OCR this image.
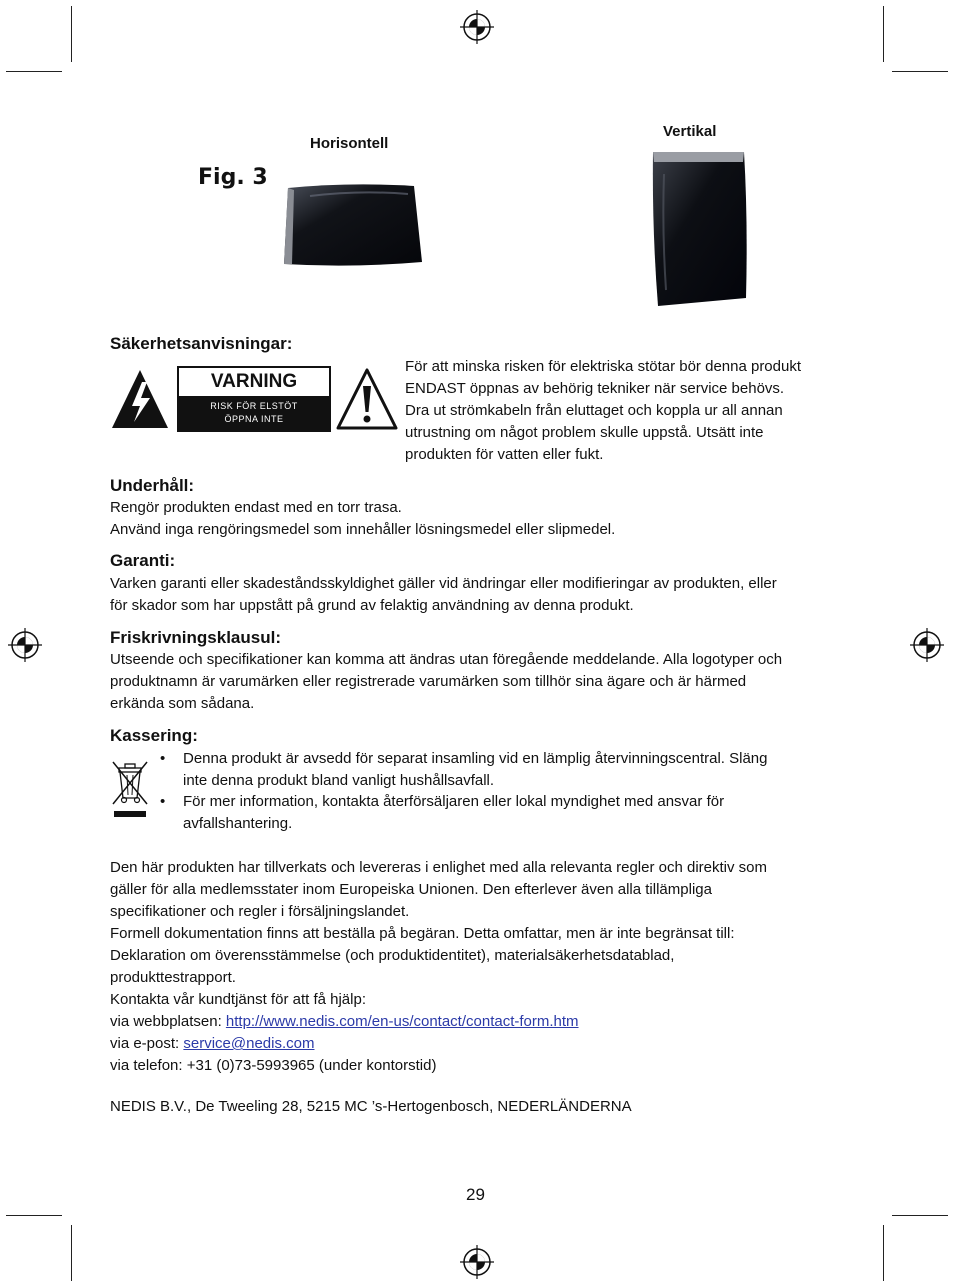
Horisontell
Vertikal
Fig. 3
Säkerhetsanvisningar:
VARNING
RISK FÖR ELSTÖT
ÖPPNA INTE
För att minska risken för elektriska stötar bör denna produkt
ENDAST öppnas av behörig tekniker när service behövs.
Dra ut strömkabeln från eluttaget och koppla ur all annan
utrustning om något problem skulle uppstå. Utsätt inte
produkten för vatten eller fukt.
Underhåll:
Rengör produkten endast med en torr trasa.
Använd inga rengöringsmedel som innehåller lösningsmedel eller slipmedel.
Garanti:
Varken garanti eller skadeståndsskyldighet gäller vid ändringar eller modifieringar av produkten, eller
för skador som har uppstått på grund av felaktig användning av denna produkt.
Friskrivningsklausul:
Utseende och specifikationer kan komma att ändras utan föregående meddelande. Alla logotyper och
produktnamn är varumärken eller registrerade varumärken som tillhör sina ägare och är härmed
erkända som sådana.
Kassering:
• Denna produkt är avsedd för separat insamling vid en lämplig återvinningscentral. Släng
inte denna produkt bland vanligt hushållsavfall.
• För mer information, kontakta återförsäljaren eller lokal myndighet med ansvar för
avfallshantering.
Den här produkten har tillverkats och levereras i enlighet med alla relevanta regler och direktiv som
gäller för alla medlemsstater inom Europeiska Unionen. Den efterlever även alla tillämpliga
specifikationer och regler i försäljningslandet.
Formell dokumentation finns att beställa på begäran. Detta omfattar, men är inte begränsat till:
Deklaration om överensstämmelse (och produktidentitet), materialsäkerhetsdatablad,
produkttestrapport.
Kontakta vår kundtjänst för att få hjälp:
via webbplatsen: http://www.nedis.com/en-us/contact/contact-form.htm
via e-post: service@nedis.com
via telefon: +31 (0)73-5993965 (under kontorstid)
NEDIS B.V., De Tweeling 28, 5215 MC ’s-Hertogenbosch, NEDERLÄNDERNA
29
